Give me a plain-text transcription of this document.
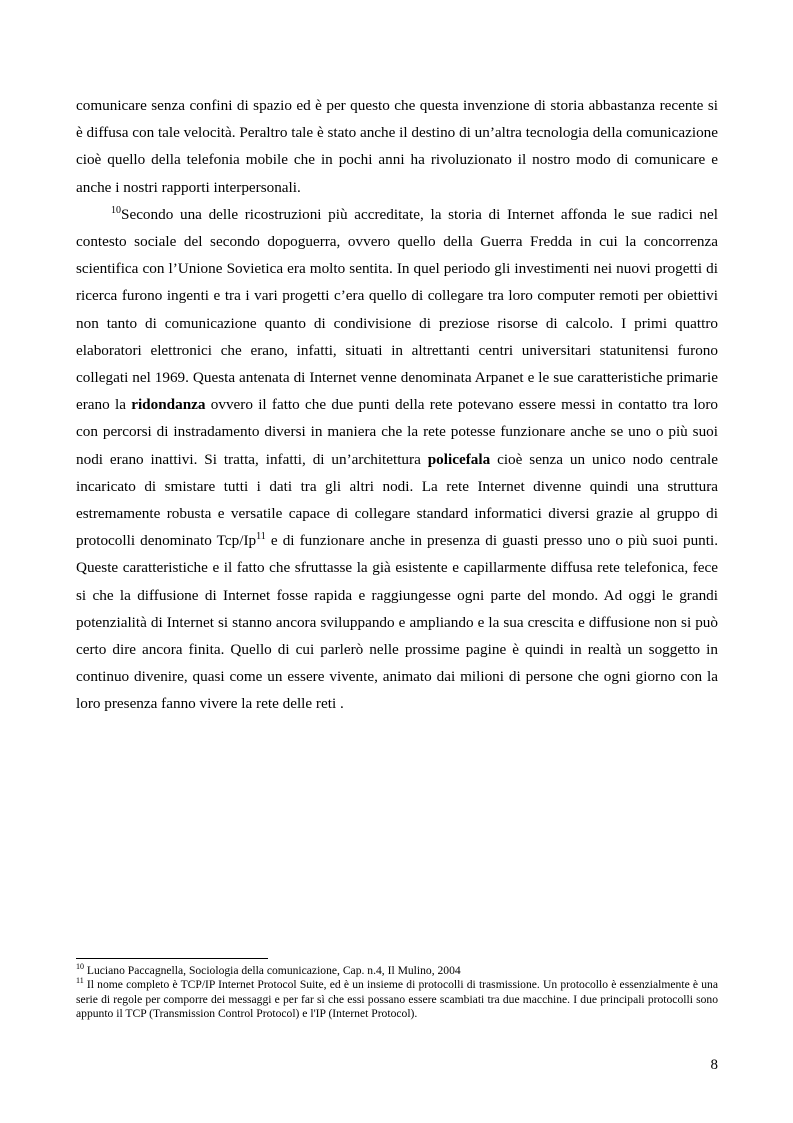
comunicare senza confini di spazio ed è per questo che questa invenzione di storia abbastanza recente si è diffusa con tale velocità. Peraltro tale è stato anche il destino di un’altra tecnologia della comunicazione cioè quello della telefonia mobile che in pochi anni ha rivoluzionato il nostro modo di comunicare e anche i nostri rapporti interpersonali.

$^{10}$Secondo una delle ricostruzioni più accreditate, la storia di Internet affonda le sue radici nel contesto sociale del secondo dopoguerra, ovvero quello della Guerra Fredda in cui la concorrenza scientifica con l’Unione Sovietica era molto sentita. In quel periodo gli investimenti nei nuovi progetti di ricerca furono ingenti e tra i vari progetti c’era quello di collegare tra loro computer remoti per obiettivi non tanto di comunicazione quanto di condivisione di preziose risorse di calcolo. I primi quattro elaboratori elettronici che erano, infatti, situati in altrettanti centri universitari statunitensi furono collegati nel 1969. Questa antenata di Internet venne denominata Arpanet e le sue caratteristiche primarie erano la ridondanza ovvero il fatto che due punti della rete potevano essere messi in contatto tra loro con percorsi di instradamento diversi in maniera che la rete potesse funzionare anche se uno o più suoi nodi erano inattivi. Si tratta, infatti, di un’architettura policefala cioè senza un unico nodo centrale incaricato di smistare tutti i dati tra gli altri nodi. La rete Internet divenne quindi una struttura estremamente robusta e versatile capace di collegare standard informatici diversi grazie al gruppo di protocolli denominato Tcp/Ip$^{11}$ e di funzionare anche in presenza di guasti presso uno o più suoi punti. Queste caratteristiche e il fatto che sfruttasse la già esistente e capillarmente diffusa rete telefonica, fece si che la diffusione di Internet fosse rapida e raggiungesse ogni parte del mondo. Ad oggi le grandi potenzialità di Internet si stanno ancora sviluppando e ampliando e la sua crescita e diffusione non si può certo dire ancora finita. Quello di cui parlerò nelle prossime pagine è quindi in realtà un soggetto in continuo divenire, quasi come un essere vivente, animato dai milioni di persone che ogni giorno con la loro presenza fanno vivere la rete delle reti .

$^{10}$ Luciano Paccagnella, Sociologia della comunicazione, Cap. n.4, Il Mulino, 2004

$^{11}$ Il nome completo è TCP/IP Internet Protocol Suite, ed è un insieme di protocolli di trasmissione. Un protocollo è essenzialmente è una serie di regole per comporre dei messaggi e per far sì che essi possano essere scambiati tra due macchine. I due principali protocolli sono appunto il TCP (Transmission Control Protocol) e l'IP (Internet Protocol).

8
